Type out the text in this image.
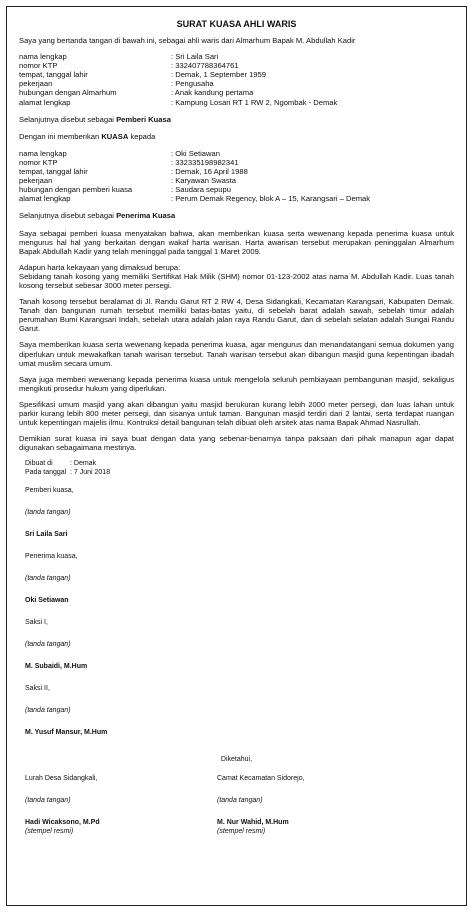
SURAT KUASA AHLI WARIS

Saya yang bertanda tangan di bawah ini, sebagai ahli waris dari Almarhum Bapak M. Abdullah Kadir

nama lengkap	: Sri Laila Sari
nomor KTP	: 332407788364761
tempat, tanggal lahir	: Demak, 1 September 1959
pekerjaan	: Pengusaha
hubungan dengan Almarhum	: Anak kandung pertama
alamat lengkap	: Kampung Losari RT 1 RW 2, Ngombak - Demak

Selanjutnya disebut sebagai Pemberi Kuasa

Dengan ini memberikan KUASA kepada

nama lengkap	: Oki Setiawan
nomor KTP	: 332335198982341
tempat, tanggal lahir	: Demak, 16 April 1988
pekerjaan	: Karyawan Swasta
hubungan dengan pemberi kuasa	: Saudara sepupu
alamat lengkap	: Perum Demak Regency, blok A – 15, Karangsari – Demak

Selanjutnya disebut sebagai Penerima Kuasa

Saya sebagai pemberi kuasa menyatakan bahwa, akan memberikan kuasa serta wewenang kepada penerima kuasa untuk mengurus hal hal yang berkaitan dengan wakaf harta warisan. Harta awarisan tersebut merupakan peninggalan Almarhum Bapak Abdullah Kadir yang telah meninggal pada tanggal 1 Maret 2009.

Adapun harta kekayaan yang dimaksud berupa:

Sebidang tanah kosong yang memiliki Sertifikat Hak Milik (SHM) nomor 01-123-2002 atas nama M. Abdullah Kadir. Luas tanah kosong tersebut sebesar 3000 meter persegi.

Tanah kosong tersebut beralamat di Jl. Randu Garut RT 2 RW 4, Desa Sidangkali, Kecamatan Karangsari, Kabupaten Demak. Tanah dan bangunan rumah tersebut memiliki batas-batas yaitu, di sebelah barat adalah sawah, sebelah timur adalah perumahan Bumi Karangsari Indah, sebelah utara adalah jalan raya Randu Garut, dan di sebelah selatan adalah Sungai Randu Garut.

Saya memberikan kuasa serta wewenang kepada penerima kuasa, agar mengurus dan menandatangani semua dokumen yang diperlukan untuk mewakafkan tanah warisan tersebut. Tanah warisan tersebut akan dibangun masjid guna kepentingan ibadah umat muslim secara umum.

Saya juga memberi wewenang kepada penerima kuasa untuk mengelola seluruh pembiayaan pembangunan masjid, sekaligus mengikuti prosedur hukum yang diperlukan.

Spesifikasi umum masjid yang akan dibangun yaitu masjid berukuran kurang lebih 2000 meter persegi, dan luas lahan untuk parkir kurang lebih 800 meter persegi, dan sisanya untuk taman. Bangunan masjid terdiri dari 2 lantai, serta terdapat ruangan untuk kepentingan majelis ilmu. Kontruksi detail bangunan telah dibuat oleh arsitek atas nama Bapak Ahmad Nasrullah.

Demikian surat kuasa ini saya buat dengan data yang sebenar-benarnya tanpa paksaan dari pihak manapun agar dapat digunakan sebagaimana mestinya.

Dibuat di	: Demak
Pada tanggal : 7 Juni 2018
Pemberi kuasa,
(tanda tangan)
Sri Laila Sari
Penerima kuasa,
(tanda tangan)
Oki Setiawan
Saksi I,
(tanda tangan)
M. Subaidi, M.Hum
Saksi II,
(tanda tangan)
M. Yusuf Mansur, M.Hum
Diketahui,
Lurah Desa Sidangkali,
(tanda tangan)
Hadi Wicaksono, M.Pd
(stempel resmi)
Camat Kecamatan Sidorejo,
(tanda tangan)
M. Nur Wahid, M.Hum
(stempel resmi)
